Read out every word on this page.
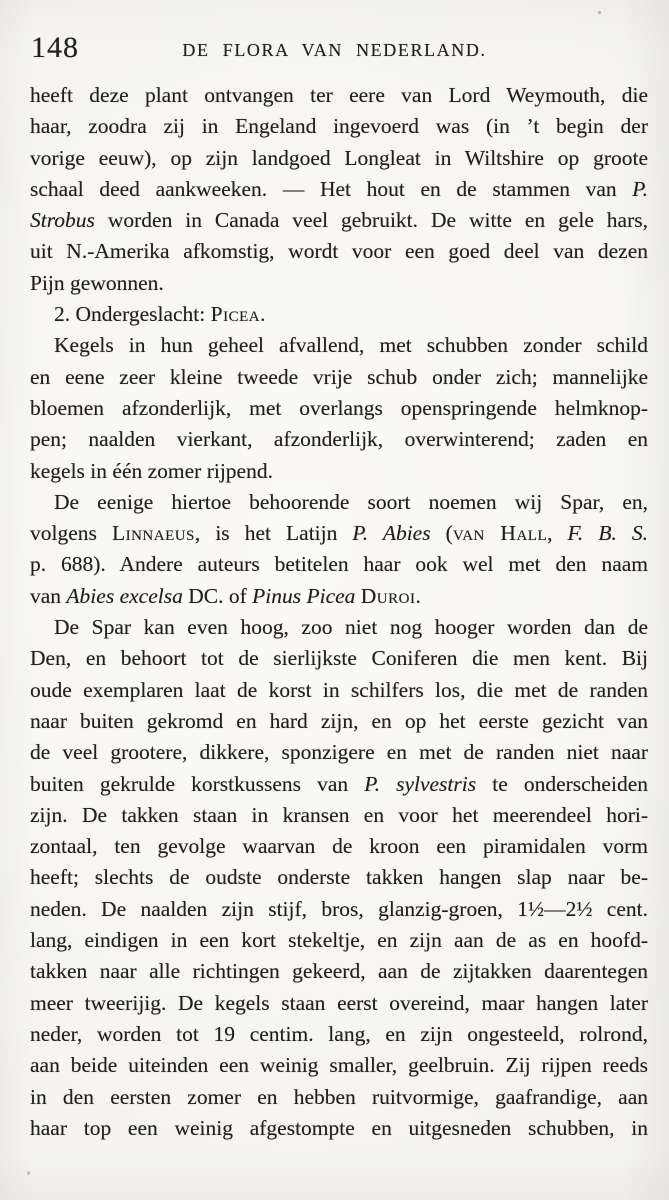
148	DE FLORA VAN NEDERLAND.
heeft deze plant ontvangen ter eere van Lord Weymouth, die
haar, zoodra zij in Engeland ingevoerd was (in ’t begin der
vorige eeuw), op zijn landgoed Longleat in Wiltshire op groote
schaal deed aankweeken. — Het hout en de stammen van P.
Strobus worden in Canada veel gebruikt. De witte en gele hars,
uit N.-Amerika afkomstig, wordt voor een goed deel van dezen
Pijn gewonnen.
2. Ondergeslacht: Picea.
Kegels in hun geheel afvallend, met schubben zonder schild
en eene zeer kleine tweede vrije schub onder zich; mannelijke
bloemen afzonderlijk, met overlangs openspringende helmknop-
pen; naalden vierkant, afzonderlijk, overwinterend; zaden en
kegels in één zomer rijpend.
De eenige hiertoe behoorende soort noemen wij Spar, en,
volgens Linnaeus, is het Latijn P. Abies (van Hall, F. B. S.
p. 688). Andere auteurs betitelen haar ook wel met den naam
van Abies excelsa DC. of Pinus Picea Duroi.
De Spar kan even hoog, zoo niet nog hooger worden dan de
Den, en behoort tot de sierlijkste Coniferen die men kent. Bij
oude exemplaren laat de korst in schilfers los, die met de randen
naar buiten gekromd en hard zijn, en op het eerste gezicht van
de veel grootere, dikkere, sponzigere en met de randen niet naar
buiten gekrulde korstkussens van P. sylvestris te onderscheiden
zijn. De takken staan in kransen en voor het meerendeel hori-
zontaal, ten gevolge waarvan de kroon een piramidalen vorm
heeft; slechts de oudste onderste takken hangen slap naar be-
neden. De naalden zijn stijf, bros, glanzig-groen, 1½—2½ cent.
lang, eindigen in een kort stekeltje, en zijn aan de as en hoofd-
takken naar alle richtingen gekeerd, aan de zijtakken daarentegen
meer tweerijig. De kegels staan eerst overeind, maar hangen later
neder, worden tot 19 centim. lang, en zijn ongesteeld, rolrond,
aan beide uiteinden een weinig smaller, geelbruin. Zij rijpen reeds
in den eersten zomer en hebben ruitvormige, gaafrandige, aan
haar top een weinig afgestompte en uitgesneden schubben, in
